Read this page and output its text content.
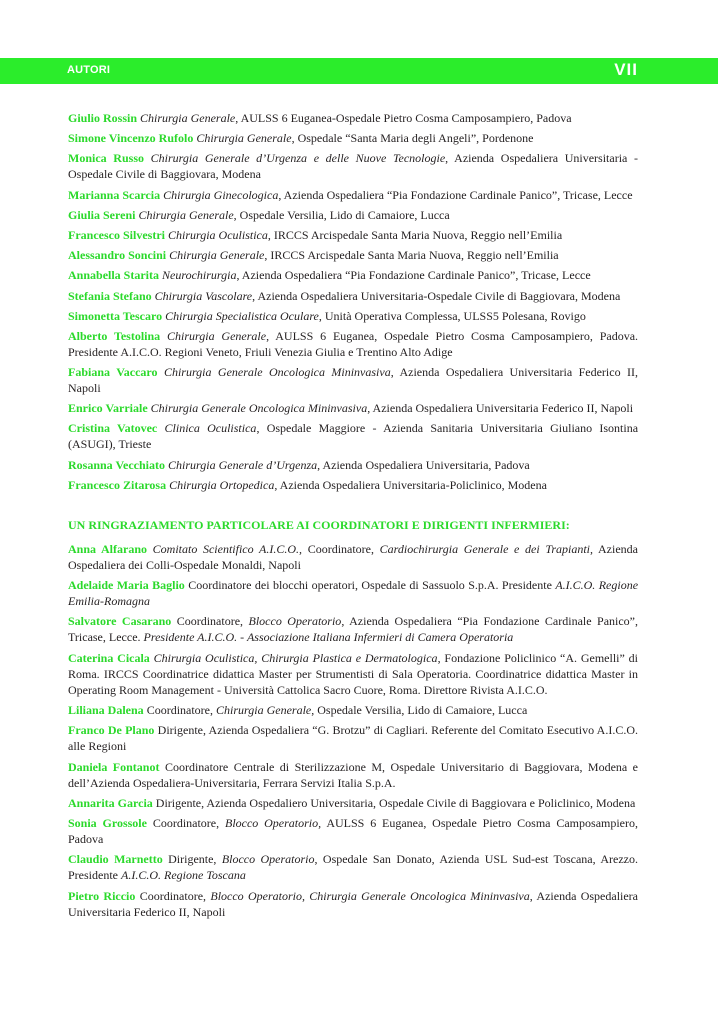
AUTORI	VII
Giulio Rossin Chirurgia Generale, AULSS 6 Euganea-Ospedale Pietro Cosma Camposampiero, Padova
Simone Vincenzo Rufolo Chirurgia Generale, Ospedale “Santa Maria degli Angeli”, Pordenone
Monica Russo Chirurgia Generale d’Urgenza e delle Nuove Tecnologie, Azienda Ospedaliera Universitaria - Ospedale Civile di Baggiovara, Modena
Marianna Scarcia Chirurgia Ginecologica, Azienda Ospedaliera “Pia Fondazione Cardinale Panico”, Tricase, Lecce
Giulia Sereni Chirurgia Generale, Ospedale Versilia, Lido di Camaiore, Lucca
Francesco Silvestri Chirurgia Oculistica, IRCCS Arcispedale Santa Maria Nuova, Reggio nell’Emilia
Alessandro Soncini Chirurgia Generale, IRCCS Arcispedale Santa Maria Nuova, Reggio nell’Emilia
Annabella Starita Neurochirurgia, Azienda Ospedaliera “Pia Fondazione Cardinale Panico”, Tricase, Lecce
Stefania Stefano Chirurgia Vascolare, Azienda Ospedaliera Universitaria-Ospedale Civile di Baggiovara, Modena
Simonetta Tescaro Chirurgia Specialistica Oculare, Unità Operativa Complessa, ULSS5 Polesana, Rovigo
Alberto Testolina Chirurgia Generale, AULSS 6 Euganea, Ospedale Pietro Cosma Camposampiero, Padova. Presidente A.I.C.O. Regioni Veneto, Friuli Venezia Giulia e Trentino Alto Adige
Fabiana Vaccaro Chirurgia Generale Oncologica Mininvasiva, Azienda Ospedaliera Universitaria Federico II, Napoli
Enrico Varriale Chirurgia Generale Oncologica Mininvasiva, Azienda Ospedaliera Universitaria Federico II, Napoli
Cristina Vatovec Clinica Oculistica, Ospedale Maggiore - Azienda Sanitaria Universitaria Giuliano Isontina (ASUGI), Trieste
Rosanna Vecchiato Chirurgia Generale d’Urgenza, Azienda Ospedaliera Universitaria, Padova
Francesco Zitarosa Chirurgia Ortopedica, Azienda Ospedaliera Universitaria-Policlinico, Modena
UN RINGRAZIAMENTO PARTICOLARE AI COORDINATORI E DIRIGENTI INFERMIERI:
Anna Alfarano Comitato Scientifico A.I.C.O., Coordinatore, Cardiochirurgia Generale e dei Trapianti, Azienda Ospedaliera dei Colli-Ospedale Monaldi, Napoli
Adelaide Maria Baglio Coordinatore dei blocchi operatori, Ospedale di Sassuolo S.p.A. Presidente A.I.C.O. Regione Emilia-Romagna
Salvatore Casarano Coordinatore, Blocco Operatorio, Azienda Ospedaliera “Pia Fondazione Cardinale Panico”, Tricase, Lecce. Presidente A.I.C.O. - Associazione Italiana Infermieri di Camera Operatoria
Caterina Cicala Chirurgia Oculistica, Chirurgia Plastica e Dermatologica, Fondazione Policlinico “A. Gemelli” di Roma. IRCCS Coordinatrice didattica Master per Strumentisti di Sala Operatoria. Coordinatrice didattica Master in Operating Room Management - Università Cattolica Sacro Cuore, Roma. Direttore Rivista A.I.C.O.
Liliana Dalena Coordinatore, Chirurgia Generale, Ospedale Versilia, Lido di Camaiore, Lucca
Franco De Plano Dirigente, Azienda Ospedaliera “G. Brotzu” di Cagliari. Referente del Comitato Esecutivo A.I.C.O. alle Regioni
Daniela Fontanot Coordinatore Centrale di Sterilizzazione M, Ospedale Universitario di Baggiovara, Modena e dell’Azienda Ospedaliera-Universitaria, Ferrara Servizi Italia S.p.A.
Annarita Garcia Dirigente, Azienda Ospedaliero Universitaria, Ospedale Civile di Baggiovara e Policlinico, Modena
Sonia Grossole Coordinatore, Blocco Operatorio, AULSS 6 Euganea, Ospedale Pietro Cosma Camposampiero, Padova
Claudio Marnetto Dirigente, Blocco Operatorio, Ospedale San Donato, Azienda USL Sud-est Toscana, Arezzo. Presidente A.I.C.O. Regione Toscana
Pietro Riccio Coordinatore, Blocco Operatorio, Chirurgia Generale Oncologica Mininvasiva, Azienda Ospedaliera Universitaria Federico II, Napoli
